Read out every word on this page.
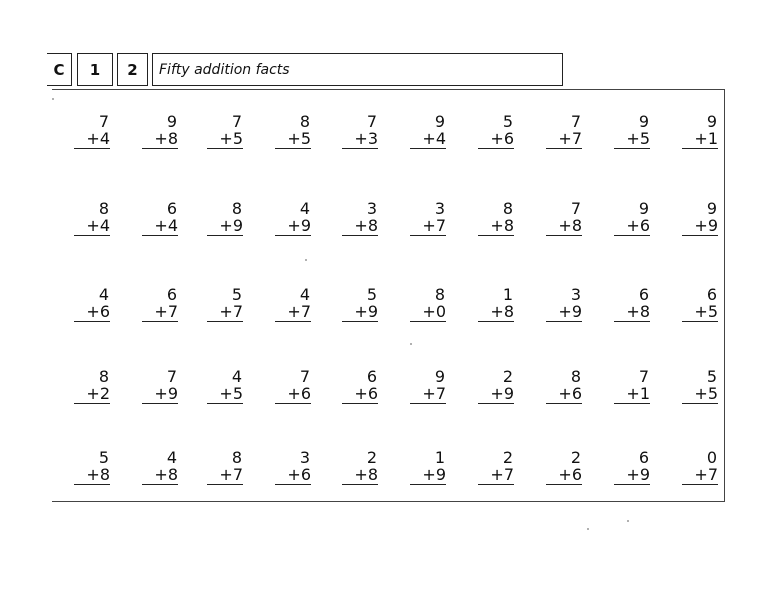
C 1 2 Fifty addition facts
7
+4
9
+8
7
+5
8
+5
7
+3
9
+4
5
+6
7
+7
9
+5
9
+1
8
+4
6
+4
8
+9
4
+9
3
+8
3
+7
8
+8
7
+8
9
+6
9
+9
4
+6
6
+7
5
+7
4
+7
5
+9
8
+0
1
+8
3
+9
6
+8
6
+5
8
+2
7
+9
4
+5
7
+6
6
+6
9
+7
2
+9
8
+6
7
+1
5
+5
5
+8
4
+8
8
+7
3
+6
2
+8
1
+9
2
+7
2
+6
6
+9
0
+7
